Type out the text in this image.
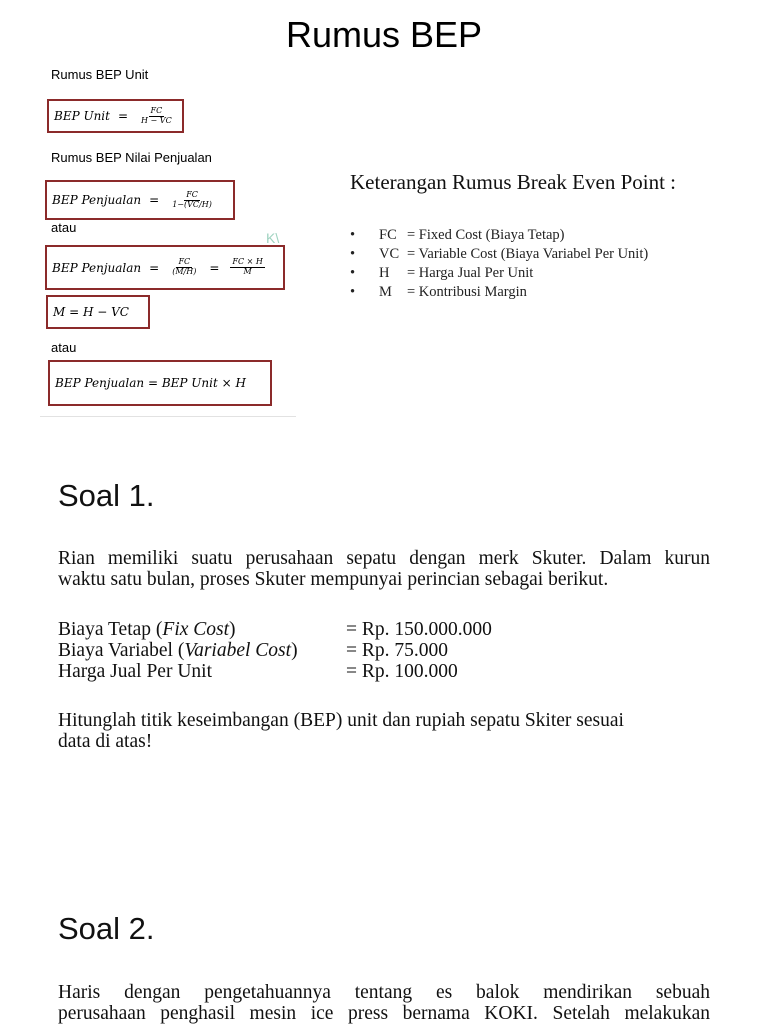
Rumus BEP
Rumus BEP Unit
BEP Unit = $\frac{FC}{H - VC}$
Rumus BEP Nilai Penjualan
BEP Penjualan = $\frac{FC}{1-(VC/H)}$
atau
K\
BEP Penjualan = $\frac{FC}{(M/H)} = \frac{FC \times H}{M}$
M = H − VC
atau
BEP Penjualan = BEP Unit × H
Keterangan Rumus Break Even Point :
•	FC = Fixed Cost (Biaya Tetap)
•	VC = Variable Cost (Biaya Variabel Per Unit)
•	H	= Harga Jual Per Unit
•	M	= Kontribusi Margin
Soal 1.
Rian memiliki suatu perusahaan sepatu dengan merk Skuter. Dalam kurun
waktu satu bulan, proses Skuter mempunyai perincian sebagai berikut.
Biaya Tetap (Fix Cost)	= Rp. 150.000.000
Biaya Variabel (Variabel Cost) = Rp. 75.000
Harga Jual Per Unit	= Rp. 100.000
Hitunglah titik keseimbangan (BEP) unit dan rupiah sepatu Skiter sesuai
data di atas!
Soal 2.
Haris dengan pengetahuannya tentang es balok mendirikan sebuah
perusahaan penghasil mesin ice press bernama KOKI. Setelah melakukan
